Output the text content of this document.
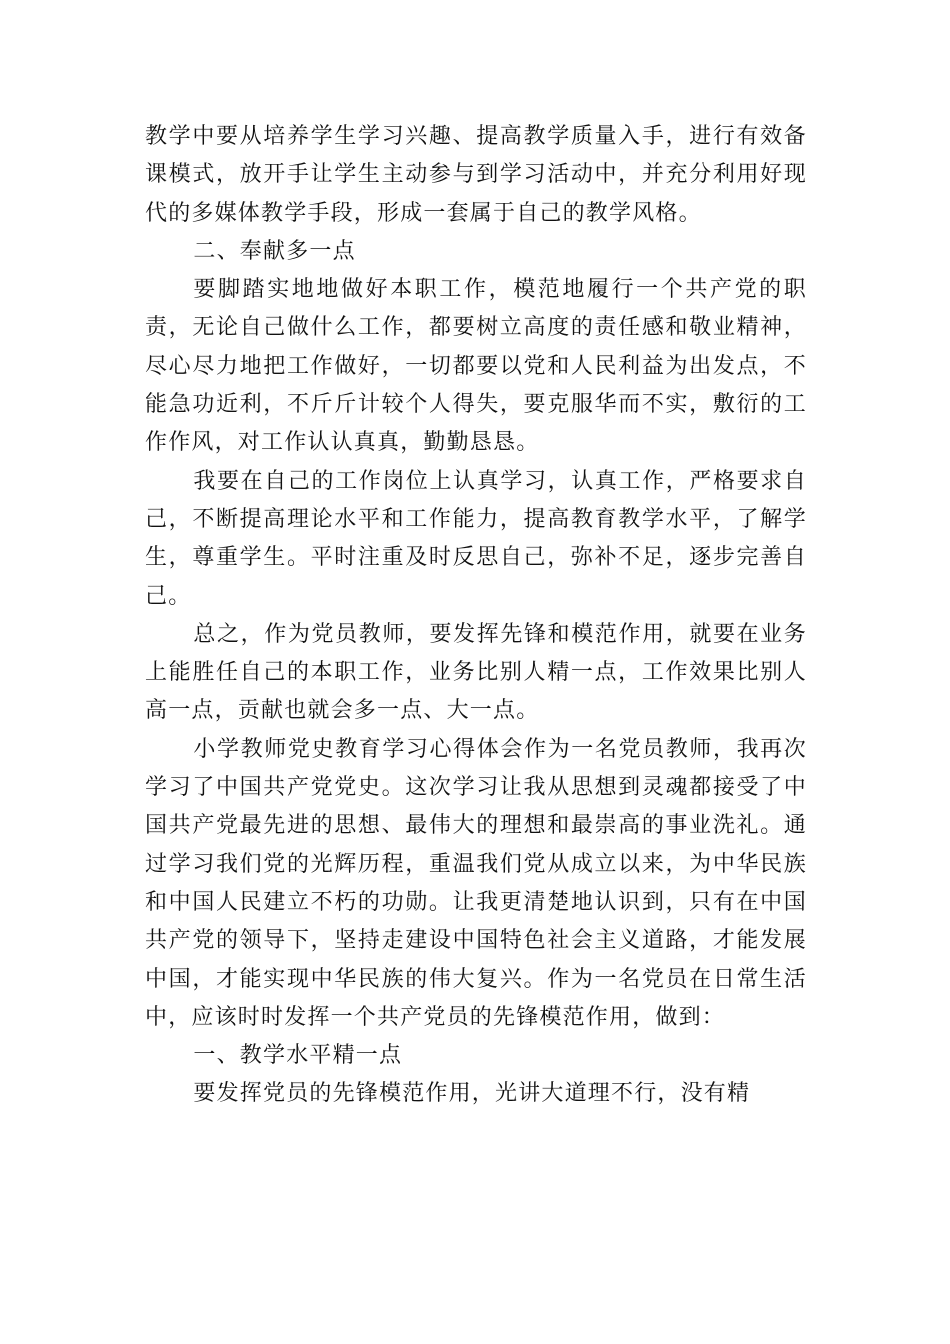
教学中要从培养学生学习兴趣、提高教学质量入手，进行有效备课模式，放开手让学生主动参与到学习活动中，并充分利用好现代的多媒体教学手段，形成一套属于自己的教学风格。

二、奉献多一点

要脚踏实地地做好本职工作，模范地履行一个共产党的职责，无论自己做什么工作，都要树立高度的责任感和敬业精神，尽心尽力地把工作做好，一切都要以党和人民利益为出发点，不能急功近利，不斤斤计较个人得失，要克服华而不实，敷衍的工作作风，对工作认认真真，勤勤恳恳。

我要在自己的工作岗位上认真学习，认真工作，严格要求自己，不断提高理论水平和工作能力，提高教育教学水平，了解学生，尊重学生。平时注重及时反思自己，弥补不足，逐步完善自己。

总之，作为党员教师，要发挥先锋和模范作用，就要在业务上能胜任自己的本职工作，业务比别人精一点，工作效果比别人高一点，贡献也就会多一点、大一点。

小学教师党史教育学习心得体会作为一名党员教师，我再次学习了中国共产党党史。这次学习让我从思想到灵魂都接受了中国共产党最先进的思想、最伟大的理想和最崇高的事业洗礼。通过学习我们党的光辉历程，重温我们党从成立以来，为中华民族和中国人民建立不朽的功勋。让我更清楚地认识到，只有在中国共产党的领导下，坚持走建设中国特色社会主义道路，才能发展中国，才能实现中华民族的伟大复兴。作为一名党员在日常生活中，应该时时发挥一个共产党员的先锋模范作用，做到：

一、教学水平精一点

要发挥党员的先锋模范作用，光讲大道理不行，没有精
